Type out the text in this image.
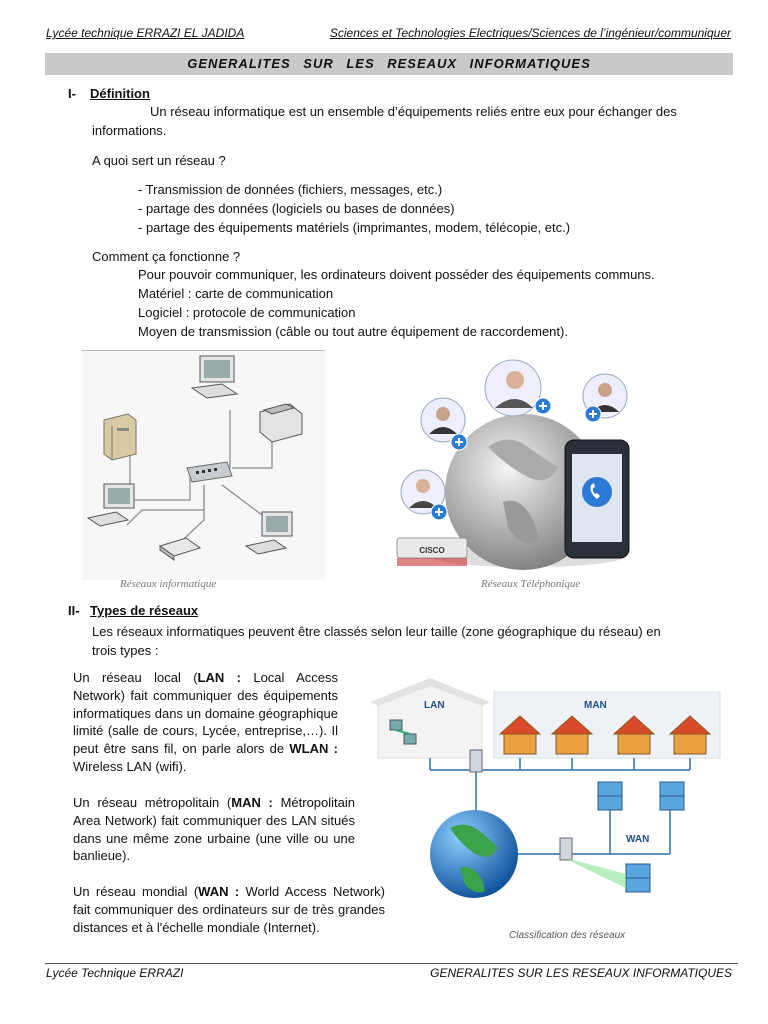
Lycée technique ERRAZI EL JADIDA	Sciences et Technologies Electriques/Sciences de l’ingénieur/communiquer
GENERALITES SUR LES RESEAUX INFORMATIQUES
I- Définition
Un réseau informatique est un ensemble d’équipements reliés entre eux pour échanger des
informations.
A quoi sert un réseau ?
- Transmission de données (fichiers, messages, etc.)
- partage des données (logiciels ou bases de données)
- partage des équipements matériels (imprimantes, modem, télécopie, etc.)
Comment ça fonctionne ?
Pour pouvoir communiquer, les ordinateurs doivent posséder des équipements communs.
Matériel : carte de communication
Logiciel : protocole de communication
Moyen de transmission (câble ou tout autre équipement de raccordement).
Réseaux informatique
CISCO
Réseaux Téléphonique
II- Types de réseaux
Les réseaux informatiques peuvent être classés selon leur taille (zone géographique du réseau) en
trois types :
Un réseau local (LAN : Local Access Network) fait communiquer des équipements informatiques dans un domaine géographique limité (salle de cours, Lycée, entreprise,…). Il peut être sans fil, on parle alors de WLAN : Wireless LAN (wifi).
Un réseau métropolitain (MAN : Métropolitain Area Network) fait communiquer des LAN situés dans une même zone urbaine (une ville ou une banlieue).
Un réseau mondial (WAN : World Access Network) fait communiquer des ordinateurs sur de très grandes distances et à l'échelle mondiale (Internet).
LAN	MAN
WAN
Classification des réseaux
Lycée Technique ERRAZI	GENERALITES SUR LES RESEAUX INFORMATIQUES
